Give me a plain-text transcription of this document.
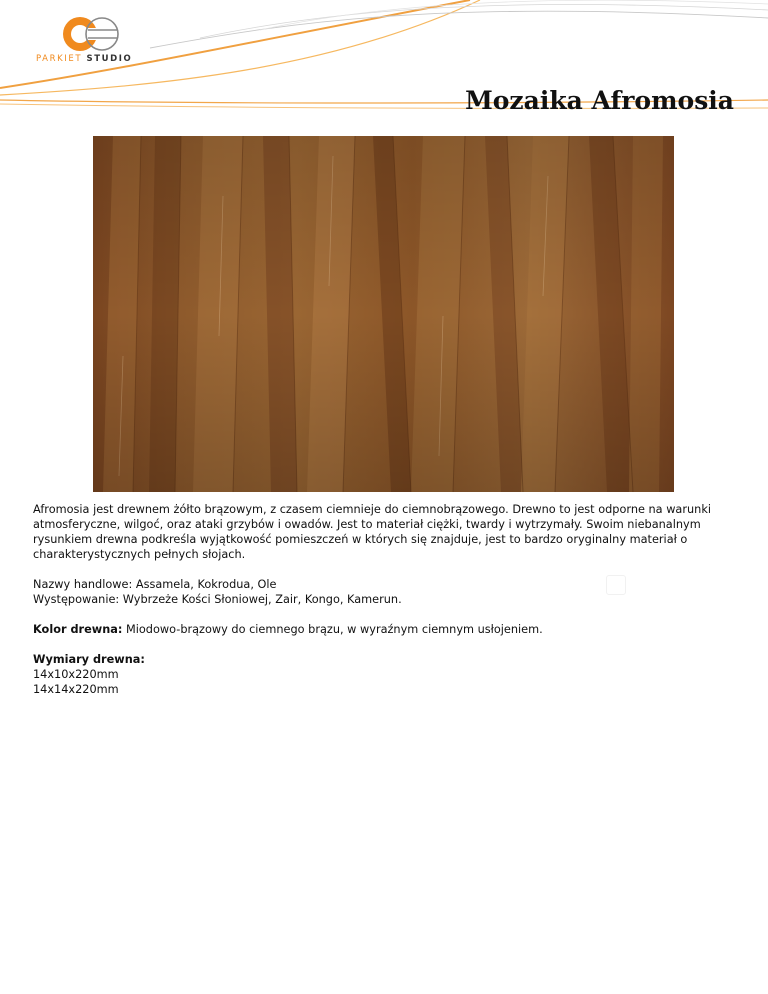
PARKIET STUDIO
Mozaika Afromosia

Afromosia jest drewnem żółto brązowym, z czasem ciemnieje do ciemnobrązowego. Drewno to jest odporne na warunki atmosferyczne, wilgoć, oraz ataki grzybów i owadów. Jest to materiał ciężki, twardy i wytrzymały. Swoim niebanalnym rysunkiem drewna podkreśla wyjątkowość pomieszczeń w których się znajduje, jest to bardzo oryginalny materiał o charakterystycznych pełnych słojach.

Nazwy handlowe: Assamela, Kokrodua, Ole
Występowanie: Wybrzeże Kości Słoniowej, Zair, Kongo, Kamerun.

Kolor drewna: Miodowo-brązowy do ciemnego brązu, w wyraźnym ciemnym usłojeniem.

Wymiary drewna:
14x10x220mm
14x14x220mm
